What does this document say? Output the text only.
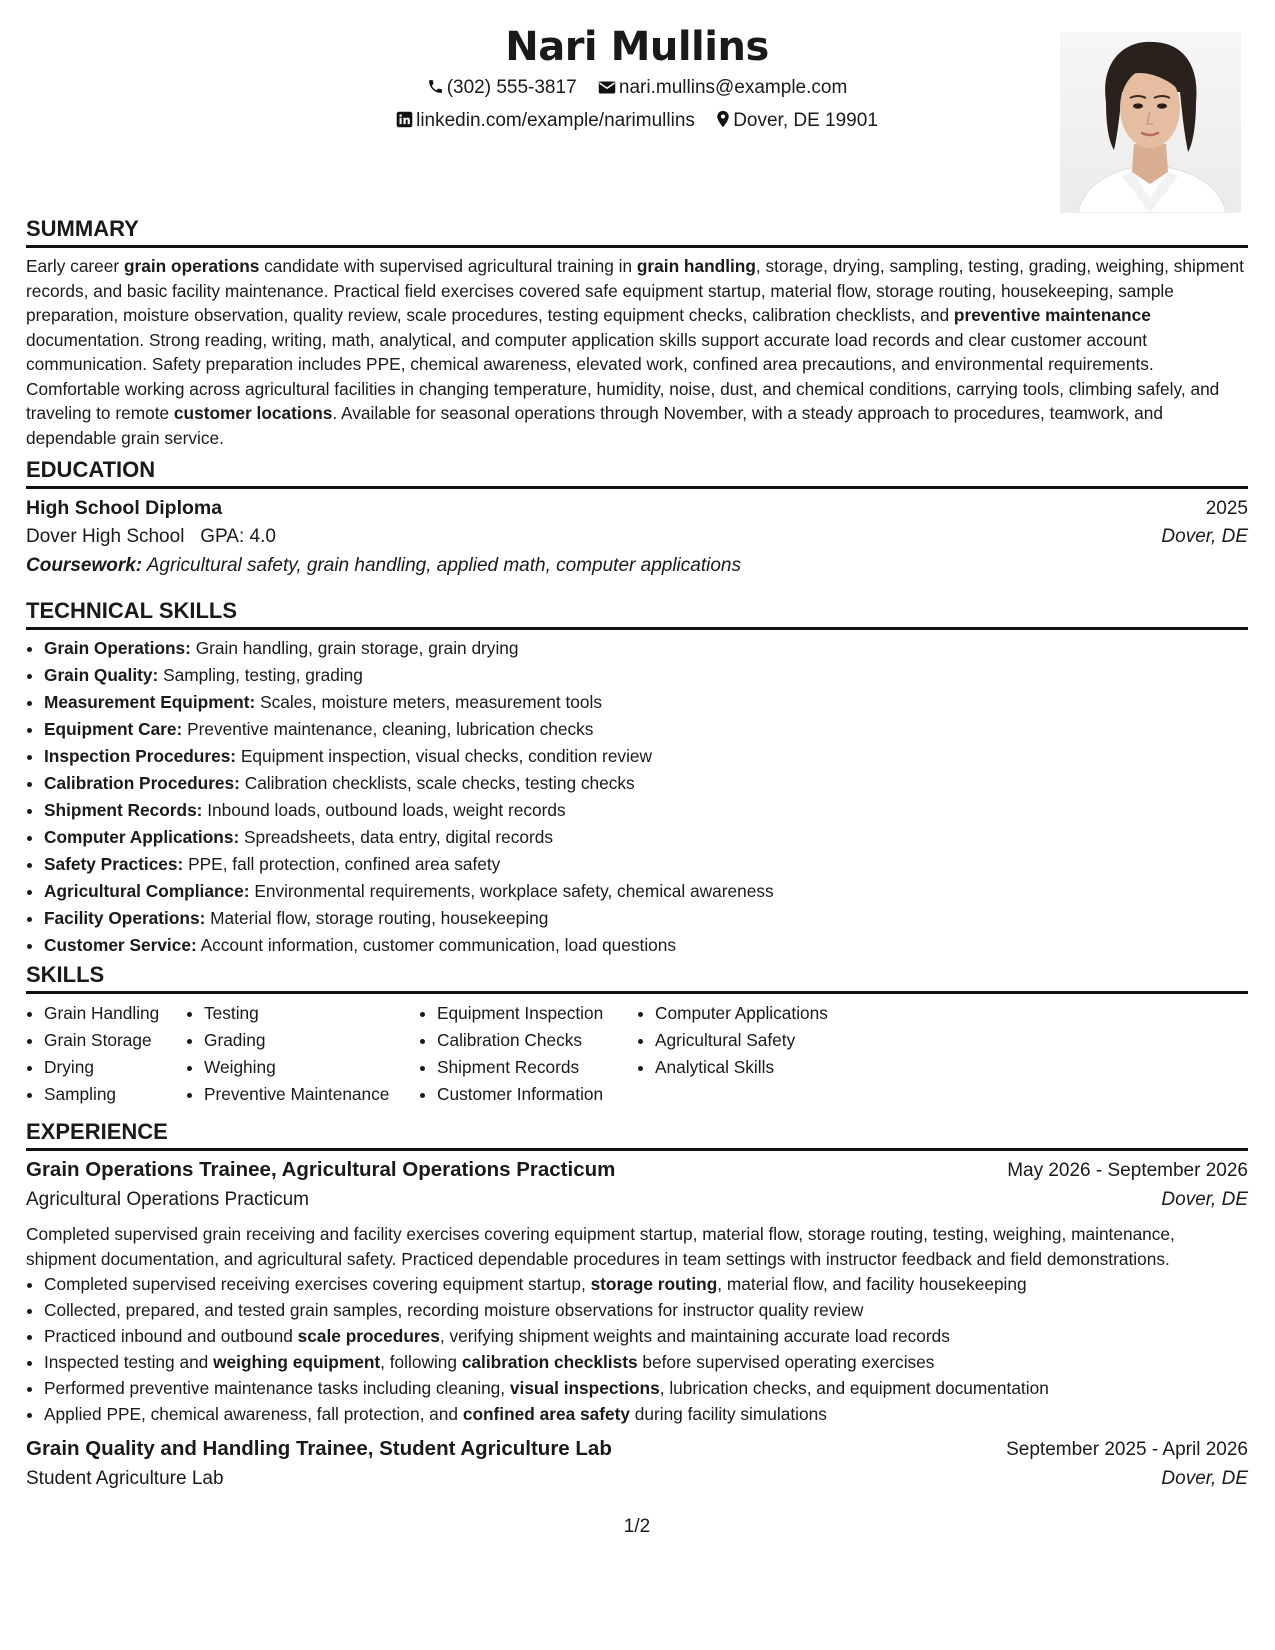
Nari Mullins
(302) 555-3817 nari.mullins@example.com
linkedin.com/example/narimullins Dover, DE 19901
SUMMARY

Early career grain operations candidate with supervised agricultural training in grain handling, storage, drying, sampling, testing, grading, weighing, shipment records, and basic facility maintenance. Practical field exercises covered safe equipment startup, material flow, storage routing, housekeeping, sample preparation, moisture observation, quality review, scale procedures, testing equipment checks, calibration checklists, and preventive maintenance documentation. Strong reading, writing, math, analytical, and computer application skills support accurate load records and clear customer account communication. Safety preparation includes PPE, chemical awareness, elevated work, confined area precautions, and environmental requirements. Comfortable working across agricultural facilities in changing temperature, humidity, noise, dust, and chemical conditions, carrying tools, climbing safely, and traveling to remote customer locations. Available for seasonal operations through November, with a steady approach to procedures, teamwork, and dependable grain service.

EDUCATION
High School Diploma	2025
Dover High School GPA: 4.0	Dover, DE
Coursework: Agricultural safety, grain handling, applied math, computer applications
TECHNICAL SKILLS
• Grain Operations: Grain handling, grain storage, grain drying
• Grain Quality: Sampling, testing, grading
• Measurement Equipment: Scales, moisture meters, measurement tools
• Equipment Care: Preventive maintenance, cleaning, lubrication checks
• Inspection Procedures: Equipment inspection, visual checks, condition review
• Calibration Procedures: Calibration checklists, scale checks, testing checks
• Shipment Records: Inbound loads, outbound loads, weight records
• Computer Applications: Spreadsheets, data entry, digital records
• Safety Practices: PPE, fall protection, confined area safety
• Agricultural Compliance: Environmental requirements, workplace safety, chemical awareness
• Facility Operations: Material flow, storage routing, housekeeping
• Customer Service: Account information, customer communication, load questions
SKILLS
• Grain Handling
• Grain Storage
• Drying
• Sampling
• Testing
• Grading
• Weighing
• Preventive Maintenance
• Equipment Inspection
• Calibration Checks
• Shipment Records
• Customer Information
• Computer Applications
• Agricultural Safety
• Analytical Skills
EXPERIENCE
Grain Operations Trainee, Agricultural Operations Practicum	May 2026 - September 2026
Agricultural Operations Practicum	Dover, DE

Completed supervised grain receiving and facility exercises covering equipment startup, material flow, storage routing, testing, weighing, maintenance, shipment documentation, and agricultural safety. Practiced dependable procedures in team settings with instructor feedback and field demonstrations.

• Completed supervised receiving exercises covering equipment startup, storage routing, material flow, and facility housekeeping
• Collected, prepared, and tested grain samples, recording moisture observations for instructor quality review
• Practiced inbound and outbound scale procedures, verifying shipment weights and maintaining accurate load records
• Inspected testing and weighing equipment, following calibration checklists before supervised operating exercises
• Performed preventive maintenance tasks including cleaning, visual inspections, lubrication checks, and equipment documentation
• Applied PPE, chemical awareness, fall protection, and confined area safety during facility simulations
Grain Quality and Handling Trainee, Student Agriculture Lab	September 2025 - April 2026
Student Agriculture Lab	Dover, DE
1/2
